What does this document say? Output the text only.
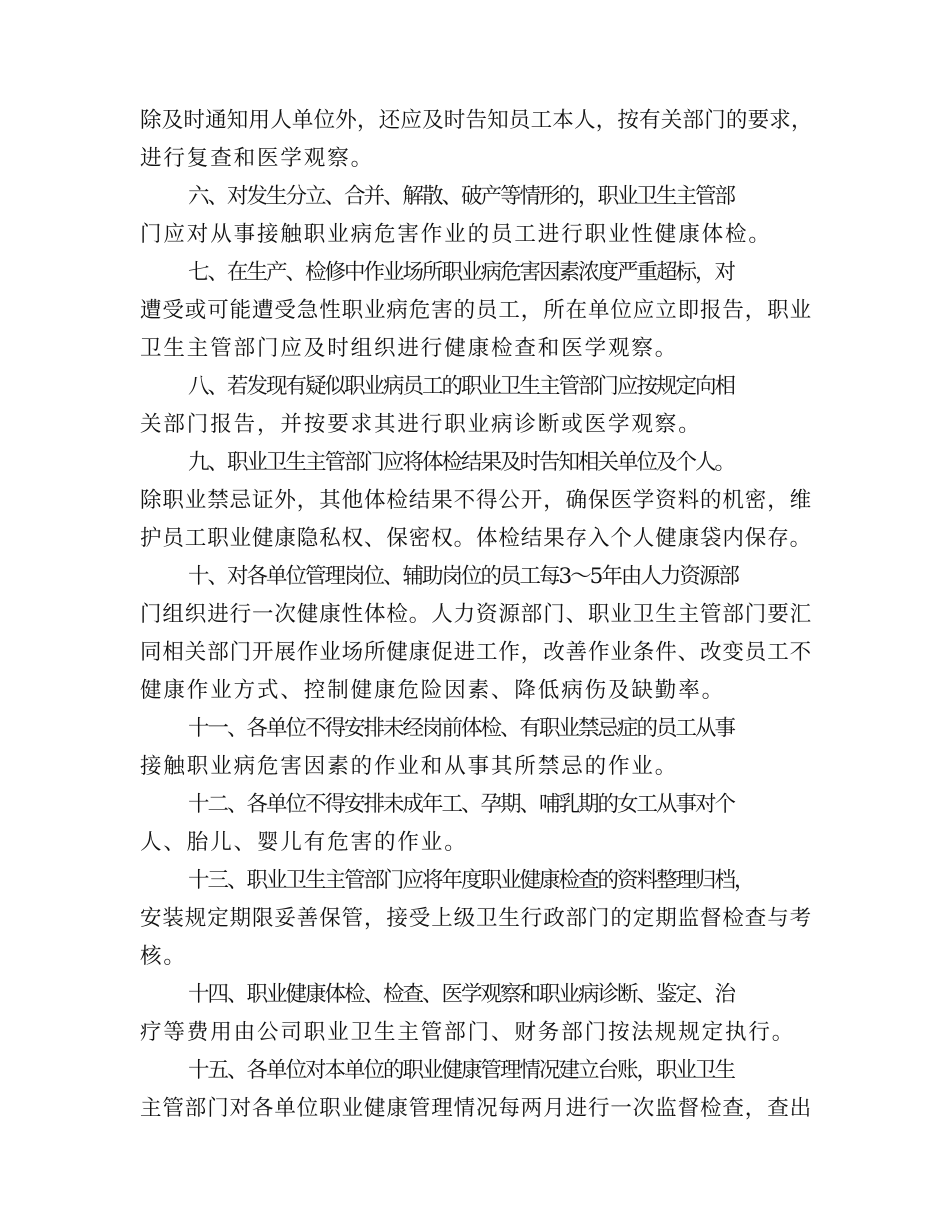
除及时通知用人单位外，还应及时告知员工本人，按有关部门的要求，
进行复查和医学观察。

六、对发生分立、合并、解散、破产等情形的，职业卫生主管部
门应对从事接触职业病危害作业的员工进行职业性健康体检。

七、在生产、检修中作业场所职业病危害因素浓度严重超标，对
遭受或可能遭受急性职业病危害的员工，所在单位应立即报告，职业
卫生主管部门应及时组织进行健康检查和医学观察。

八、若发现有疑似职业病员工的职业卫生主管部门应按规定向相
关部门报告，并按要求其进行职业病诊断或医学观察。

九、职业卫生主管部门应将体检结果及时告知相关单位及个人。
除职业禁忌证外，其他体检结果不得公开，确保医学资料的机密，维
护员工职业健康隐私权、保密权。体检结果存入个人健康袋内保存。

十、对各单位管理岗位、辅助岗位的员工每3～5年由人力资源部
门组织进行一次健康性体检。人力资源部门、职业卫生主管部门要汇
同相关部门开展作业场所健康促进工作，改善作业条件、改变员工不
健康作业方式、控制健康危险因素、降低病伤及缺勤率。

十一、各单位不得安排未经岗前体检、有职业禁忌症的员工从事
接触职业病危害因素的作业和从事其所禁忌的作业。

十二、各单位不得安排未成年工、孕期、哺乳期的女工从事对个
人、胎儿、婴儿有危害的作业。

十三、职业卫生主管部门应将年度职业健康检查的资料整理归档，
安装规定期限妥善保管，接受上级卫生行政部门的定期监督检查与考
核。

十四、职业健康体检、检查、医学观察和职业病诊断、鉴定、治
疗等费用由公司职业卫生主管部门、财务部门按法规规定执行。

十五、各单位对本单位的职业健康管理情况建立台账，职业卫生
主管部门对各单位职业健康管理情况每两月进行一次监督检查，查出
